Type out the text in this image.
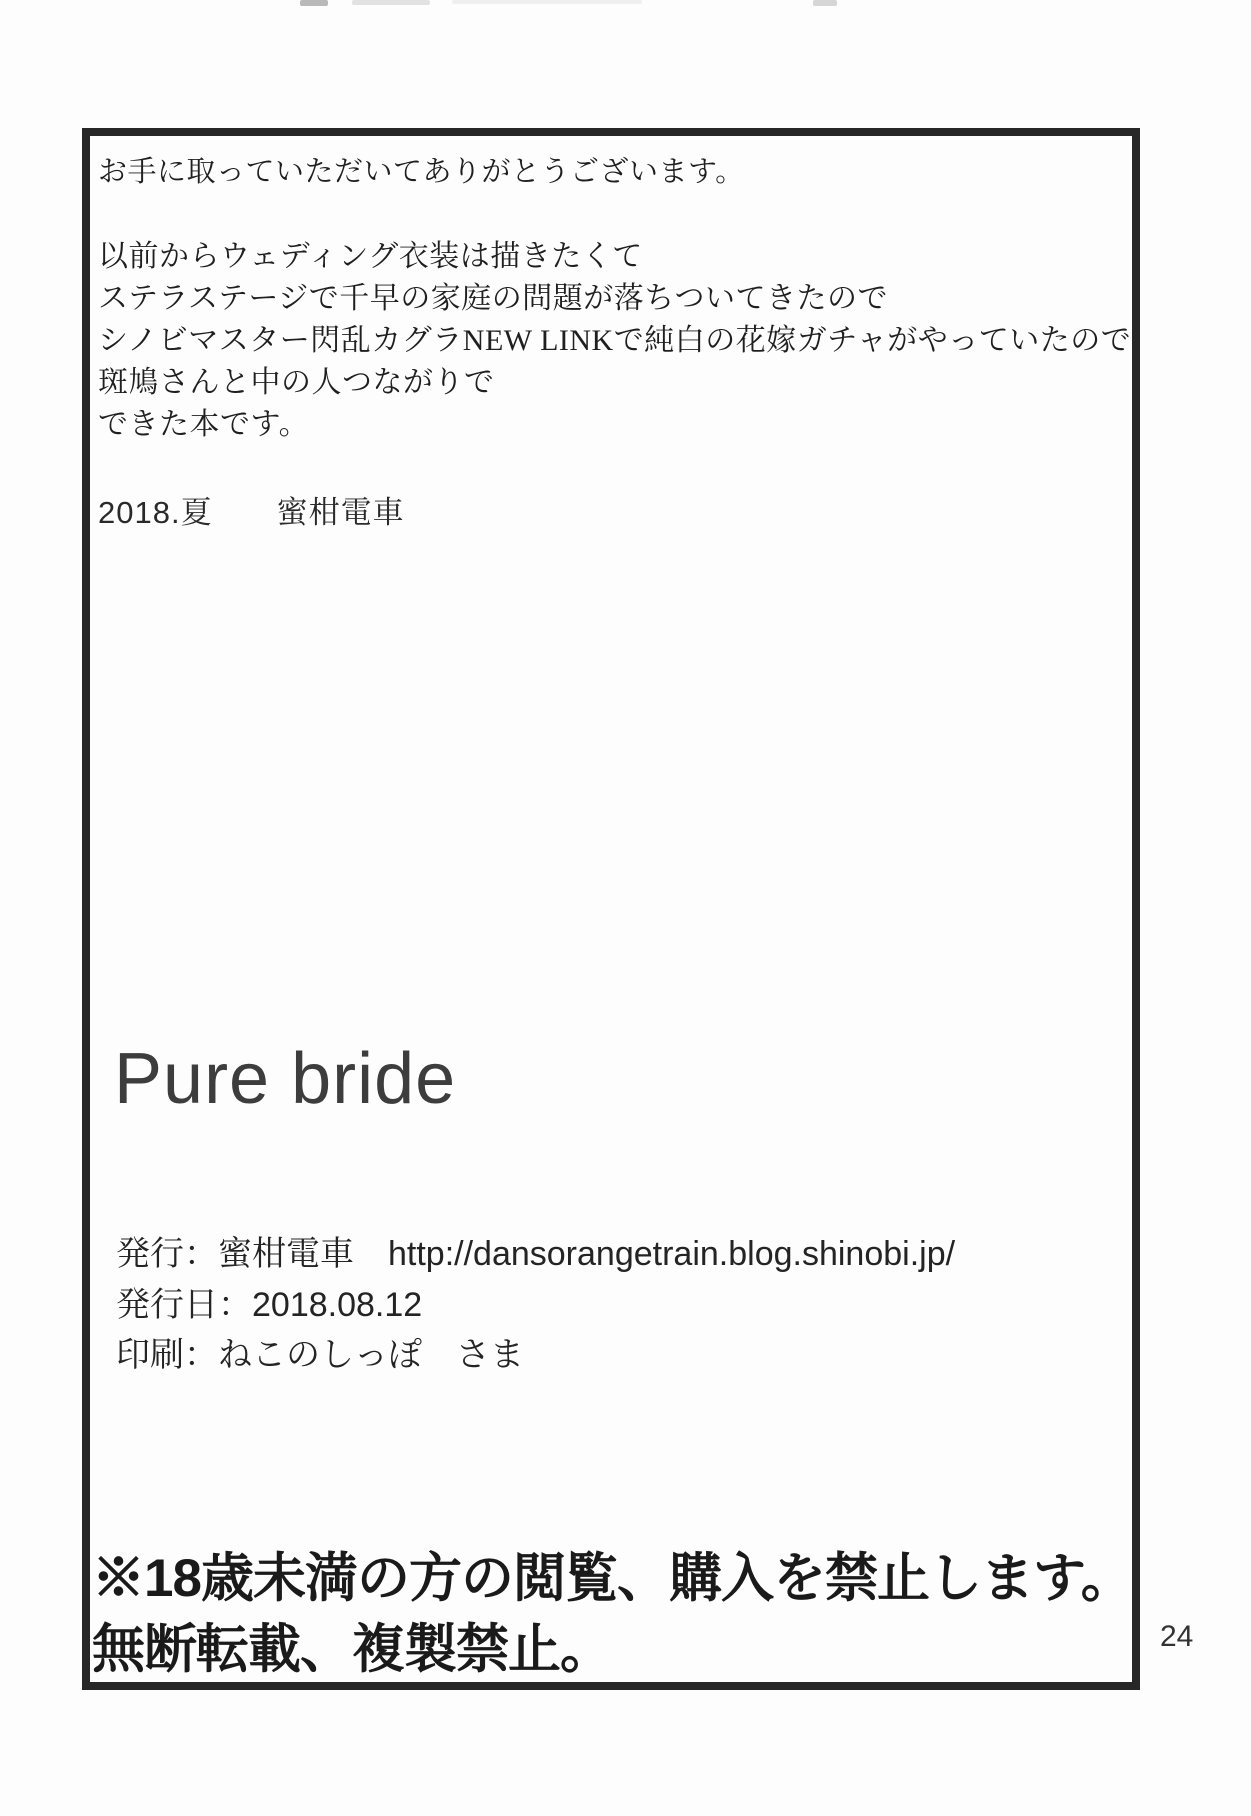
お手に取っていただいてありがとうございます。
以前からウェディング衣装は描きたくて
ステラステージで千早の家庭の問題が落ちついてきたので
シノビマスター閃乱カグラNEW LINKで純白の花嫁ガチャがやっていたので
斑鳩さんと中の人つながりで
できた本です。
2018.夏　　蜜柑電車
Pure bride
発行：蜜柑電車 http://dansorangetrain.blog.shinobi.jp/
発行日：2018.08.12
印刷：ねこのしっぽ　さま
※18歳未満の方の閲覧、購入を禁止します。
無断転載、複製禁止。	24
